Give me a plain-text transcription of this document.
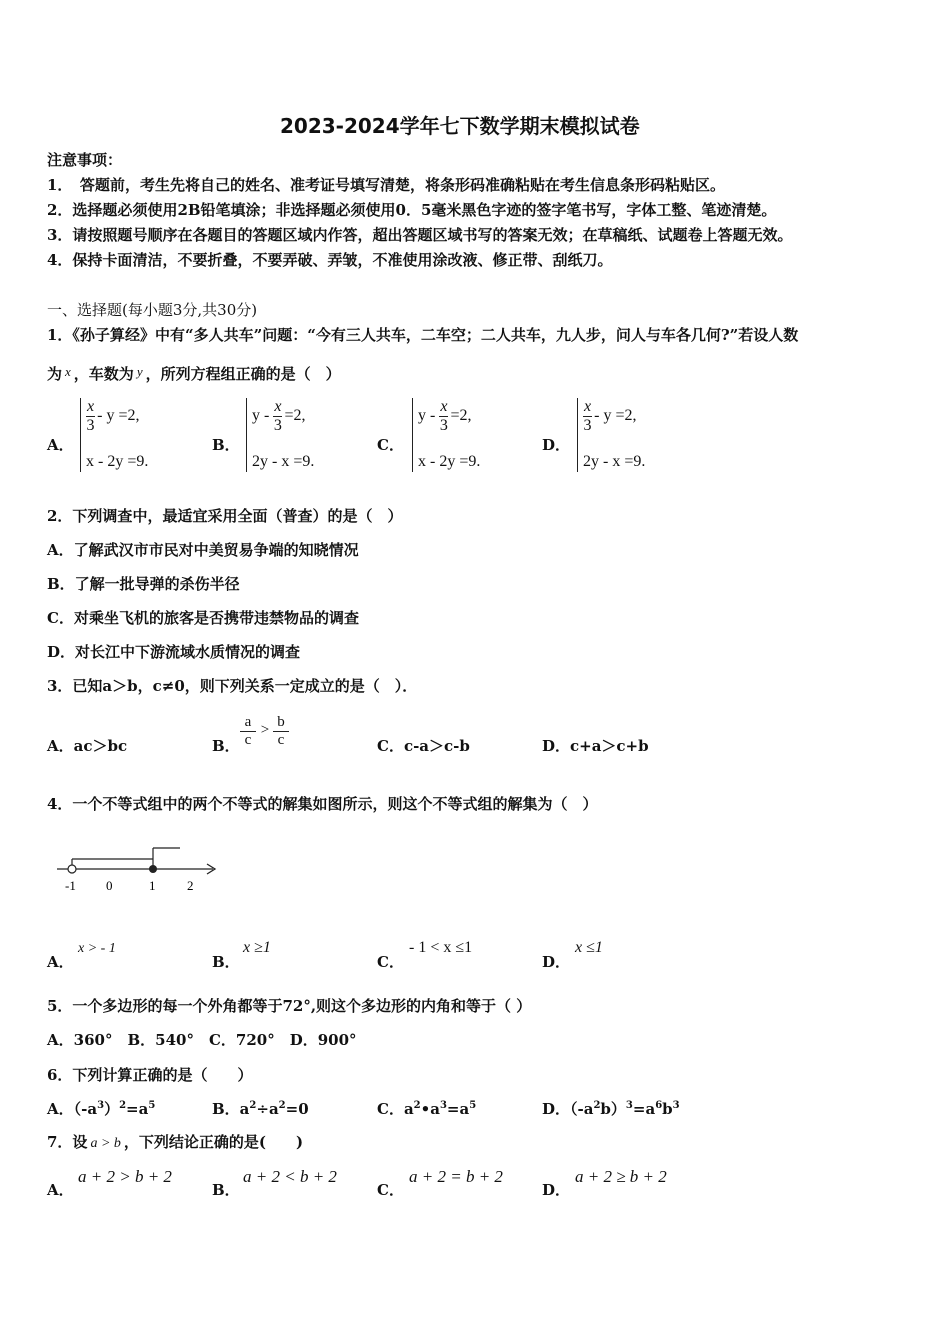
2023-2024学年七下数学期末模拟试卷
注意事项：
1．　答题前，考生先将自己的姓名、准考证号填写清楚，将条形码准确粘贴在考生信息条形码粘贴区。
2．选择题必须使用2B铅笔填涂；非选择题必须使用0．5毫米黑色字迹的签字笔书写，字体工整、笔迹清楚。
3．请按照题号顺序在各题目的答题区域内作答，超出答题区域书写的答案无效；在草稿纸、试题卷上答题无效。
4．保持卡面清洁，不要折叠，不要弄破、弄皱，不准使用涂改液、修正带、刮纸刀。
一、选择题(每小题3分,共30分)
1．《孙子算经》中有“多人共车”问题：“今有三人共车，二车空；二人共车，九人步，问人与车各几何?”若设人数
为 x ，车数为 y ，所列方程组正确的是（　）
A．
$\frac{x}{3} - y =2$,
x - 2y =9.
B．
$y - \frac{x}{3} =2$,
2y - x =9.
C．
$y - \frac{x}{3} =2$,
x - 2y =9.
D．
$\frac{x}{3} - y =2$,
2y - x =9.
2．下列调查中，最适宜采用全面（普查）的是（　）
A．了解武汉市市民对中美贸易争端的知晓情况
B．了解一批导弹的杀伤半径
C．对乘坐飞机的旅客是否携带违禁物品的调查
D．对长江中下游流域水质情况的调查
3．已知a＞b，c≠0，则下列关系一定成立的是（　）．
A．ac＞bc	B． $\frac{a}{c} > \frac{b}{c}$	C．c-a＞c-b	D．c+a＞c+b
4．一个不等式组中的两个不等式的解集如图所示，则这个不等式组的解集为（　）
-1 0	1 2
A．
x > - 1
B．
x ≥1
C．
- 1 < x ≤1
D．
x ≤1
5．一个多边形的每一个外角都等于72°,则这个多边形的内角和等于（ ）
A．360°　B．540°　C．720°　D．900°
6．下列计算正确的是（　　）
A．$(-a^3)^2=a^5$	B．$a^2\div a^2=0$	C．$a^2•a^3=a^5$	D．$(-a^2b)^3=a^6b^3$
7．设 a > b ，下列结论正确的是(　　)
A．
a + 2 > b + 2
B．
a + 2 < b + 2
C．
a + 2 = b + 2
D．
a + 2 ≥ b + 2
